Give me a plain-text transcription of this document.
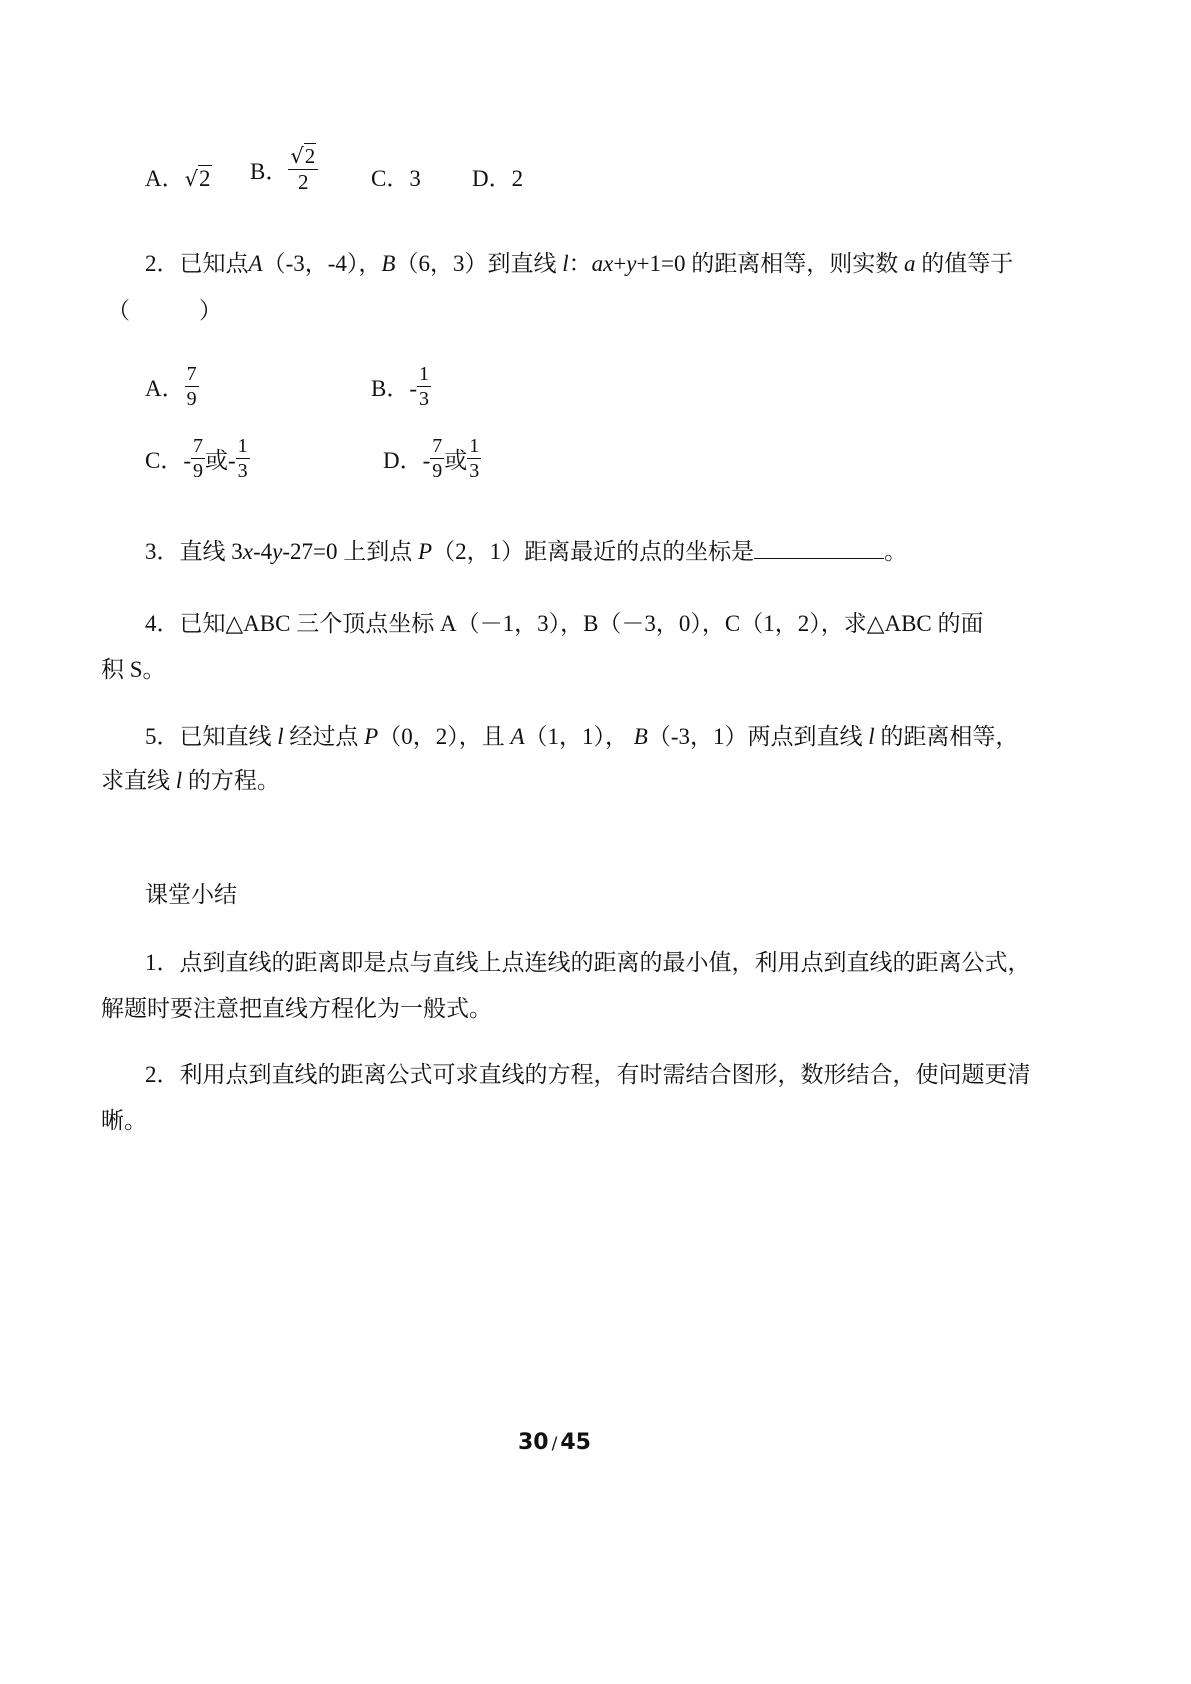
A．√2 B． $\frac{√2}{2}$ C．3 D．2
2．已知点A（-3，-4），B（6，3）到直线 l：ax+y+1=0 的距离相等，则实数 a 的值等于
（　　　）
A． $\frac{7}{9}$	B．- $\frac{1}{3}$
C．- $\frac{7}{9}$ 或- $\frac{1}{3}$	D．- $\frac{7}{9}$ 或 $\frac{1}{3}$
3．直线 3x-4y-27=0 上到点 P（2，1）距离最近的点的坐标是	。
4．已知△ABC 三个顶点坐标 A（－1，3），B（－3，0），C（1，2），求△ABC 的面
积 S。
5．已知直线 l 经过点 P（0，2），且 A（1，1）， B（-3，1）两点到直线 l 的距离相等，
求直线 l 的方程。
课堂小结
1．点到直线的距离即是点与直线上点连线的距离的最小值，利用点到直线的距离公式，
解题时要注意把直线方程化为一般式。
2．利用点到直线的距离公式可求直线的方程，有时需结合图形，数形结合，使问题更清
晰。
30 / 45
